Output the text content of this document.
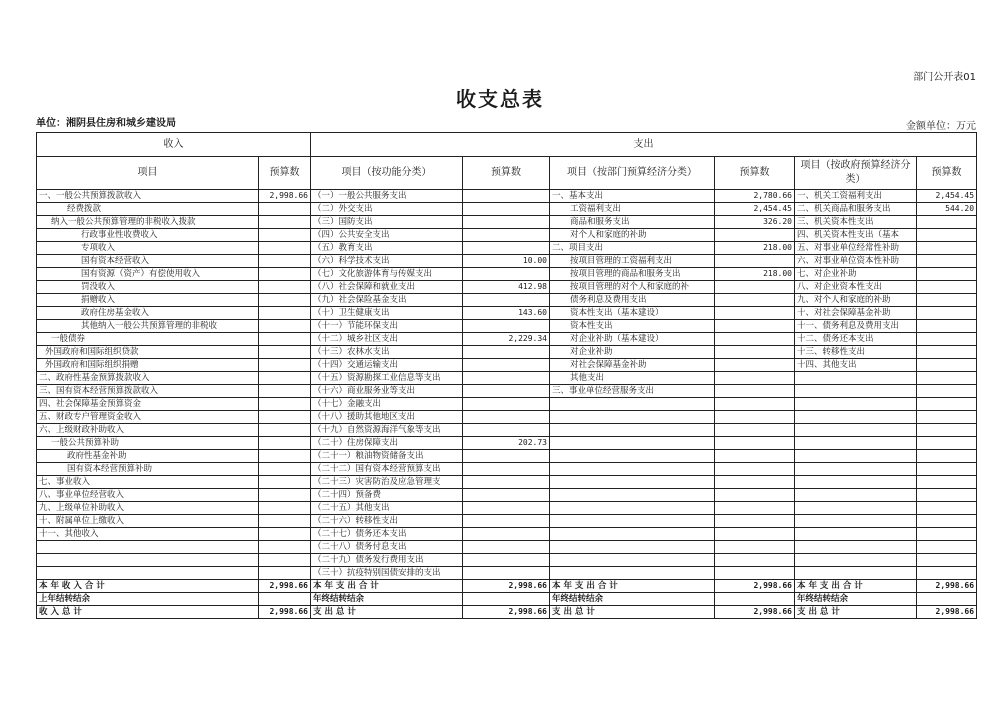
部门公开表01
收支总表
单位：湘阴县住房和城乡建设局	金额单位：万元
收入		支出					
项目	预算数	项目（按功能分类）	预算数	项目（按部门预算经济分类）	预算数	项目（按政府预算经济分类）	预算数
一、一般公共预算拨款收入	2,998.66	（一）一般公共服务支出		一、基本支出	2,780.66	一、机关工资福利支出	2,454.45
经费拨款		（二）外交支出		工资福利支出	2,454.45	二、机关商品和服务支出	544.20
纳入一般公共预算管理的非税收入拨款		（三）国防支出		商品和服务支出	326.20	三、机关资本性支出	
行政事业性收费收入		（四）公共安全支出		对个人和家庭的补助		四、机关资本性支出（基本	
专项收入		（五）教育支出		二、项目支出	218.00	五、对事业单位经常性补助	
国有资本经营收入		（六）科学技术支出	10.00	按项目管理的工资福利支出		六、对事业单位资本性补助	
国有资源（资产）有偿使用收入		（七）文化旅游体育与传媒支出		按项目管理的商品和服务支出	218.00	七、对企业补助	
罚没收入		（八）社会保障和就业支出	412.98	按项目管理的对个人和家庭的补		八、对企业资本性支出	
捐赠收入		（九）社会保险基金支出		债务利息及费用支出		九、对个人和家庭的补助	
政府住房基金收入		（十）卫生健康支出	143.60	资本性支出（基本建设）		十、对社会保障基金补助	
其他纳入一般公共预算管理的非税收		（十一）节能环保支出		资本性支出		十一、债务利息及费用支出	
一般债券		（十二）城乡社区支出	2,229.34	对企业补助（基本建设）		十二、债务还本支出	
外国政府和国际组织贷款		（十三）农林水支出		对企业补助		十三、转移性支出	
外国政府和国际组织捐赠		（十四）交通运输支出		对社会保障基金补助		十四、其他支出	
二、政府性基金预算拨款收入		（十五）资源勘探工业信息等支出		其他支出			
三、国有资本经营预算拨款收入		（十六）商业服务业等支出		三、事业单位经营服务支出			
四、社会保障基金预算资金		（十七）金融支出					
五、财政专户管理资金收入		（十八）援助其他地区支出					
六、上级财政补助收入		（十九）自然资源海洋气象等支出					
一般公共预算补助		（二十）住房保障支出	202.73				
政府性基金补助		（二十一）粮油物资储备支出					
国有资本经营预算补助		（二十二）国有资本经营预算支出					
七、事业收入		（二十三）灾害防治及应急管理支					
八、事业单位经营收入		（二十四）预备费					
九、上级单位补助收入		（二十五）其他支出					
十、附属单位上缴收入		（二十六）转移性支出					
十一、其他收入		（二十七）债务还本支出					
		（二十八）债务付息支出					
		（二十九）债务发行费用支出					
		（三十）抗疫特别国债安排的支出					
本 年 收 入 合 计	2,998.66	本 年 支 出 合 计	2,998.66	本 年 支 出 合 计	2,998.66	本 年 支 出 合 计	2,998.66
上年结转结余		年终结转结余		年终结转结余		年终结转结余	
收 入 总 计	2,998.66	支 出 总 计	2,998.66	支 出 总 计	2,998.66	支 出 总 计	2,998.66
